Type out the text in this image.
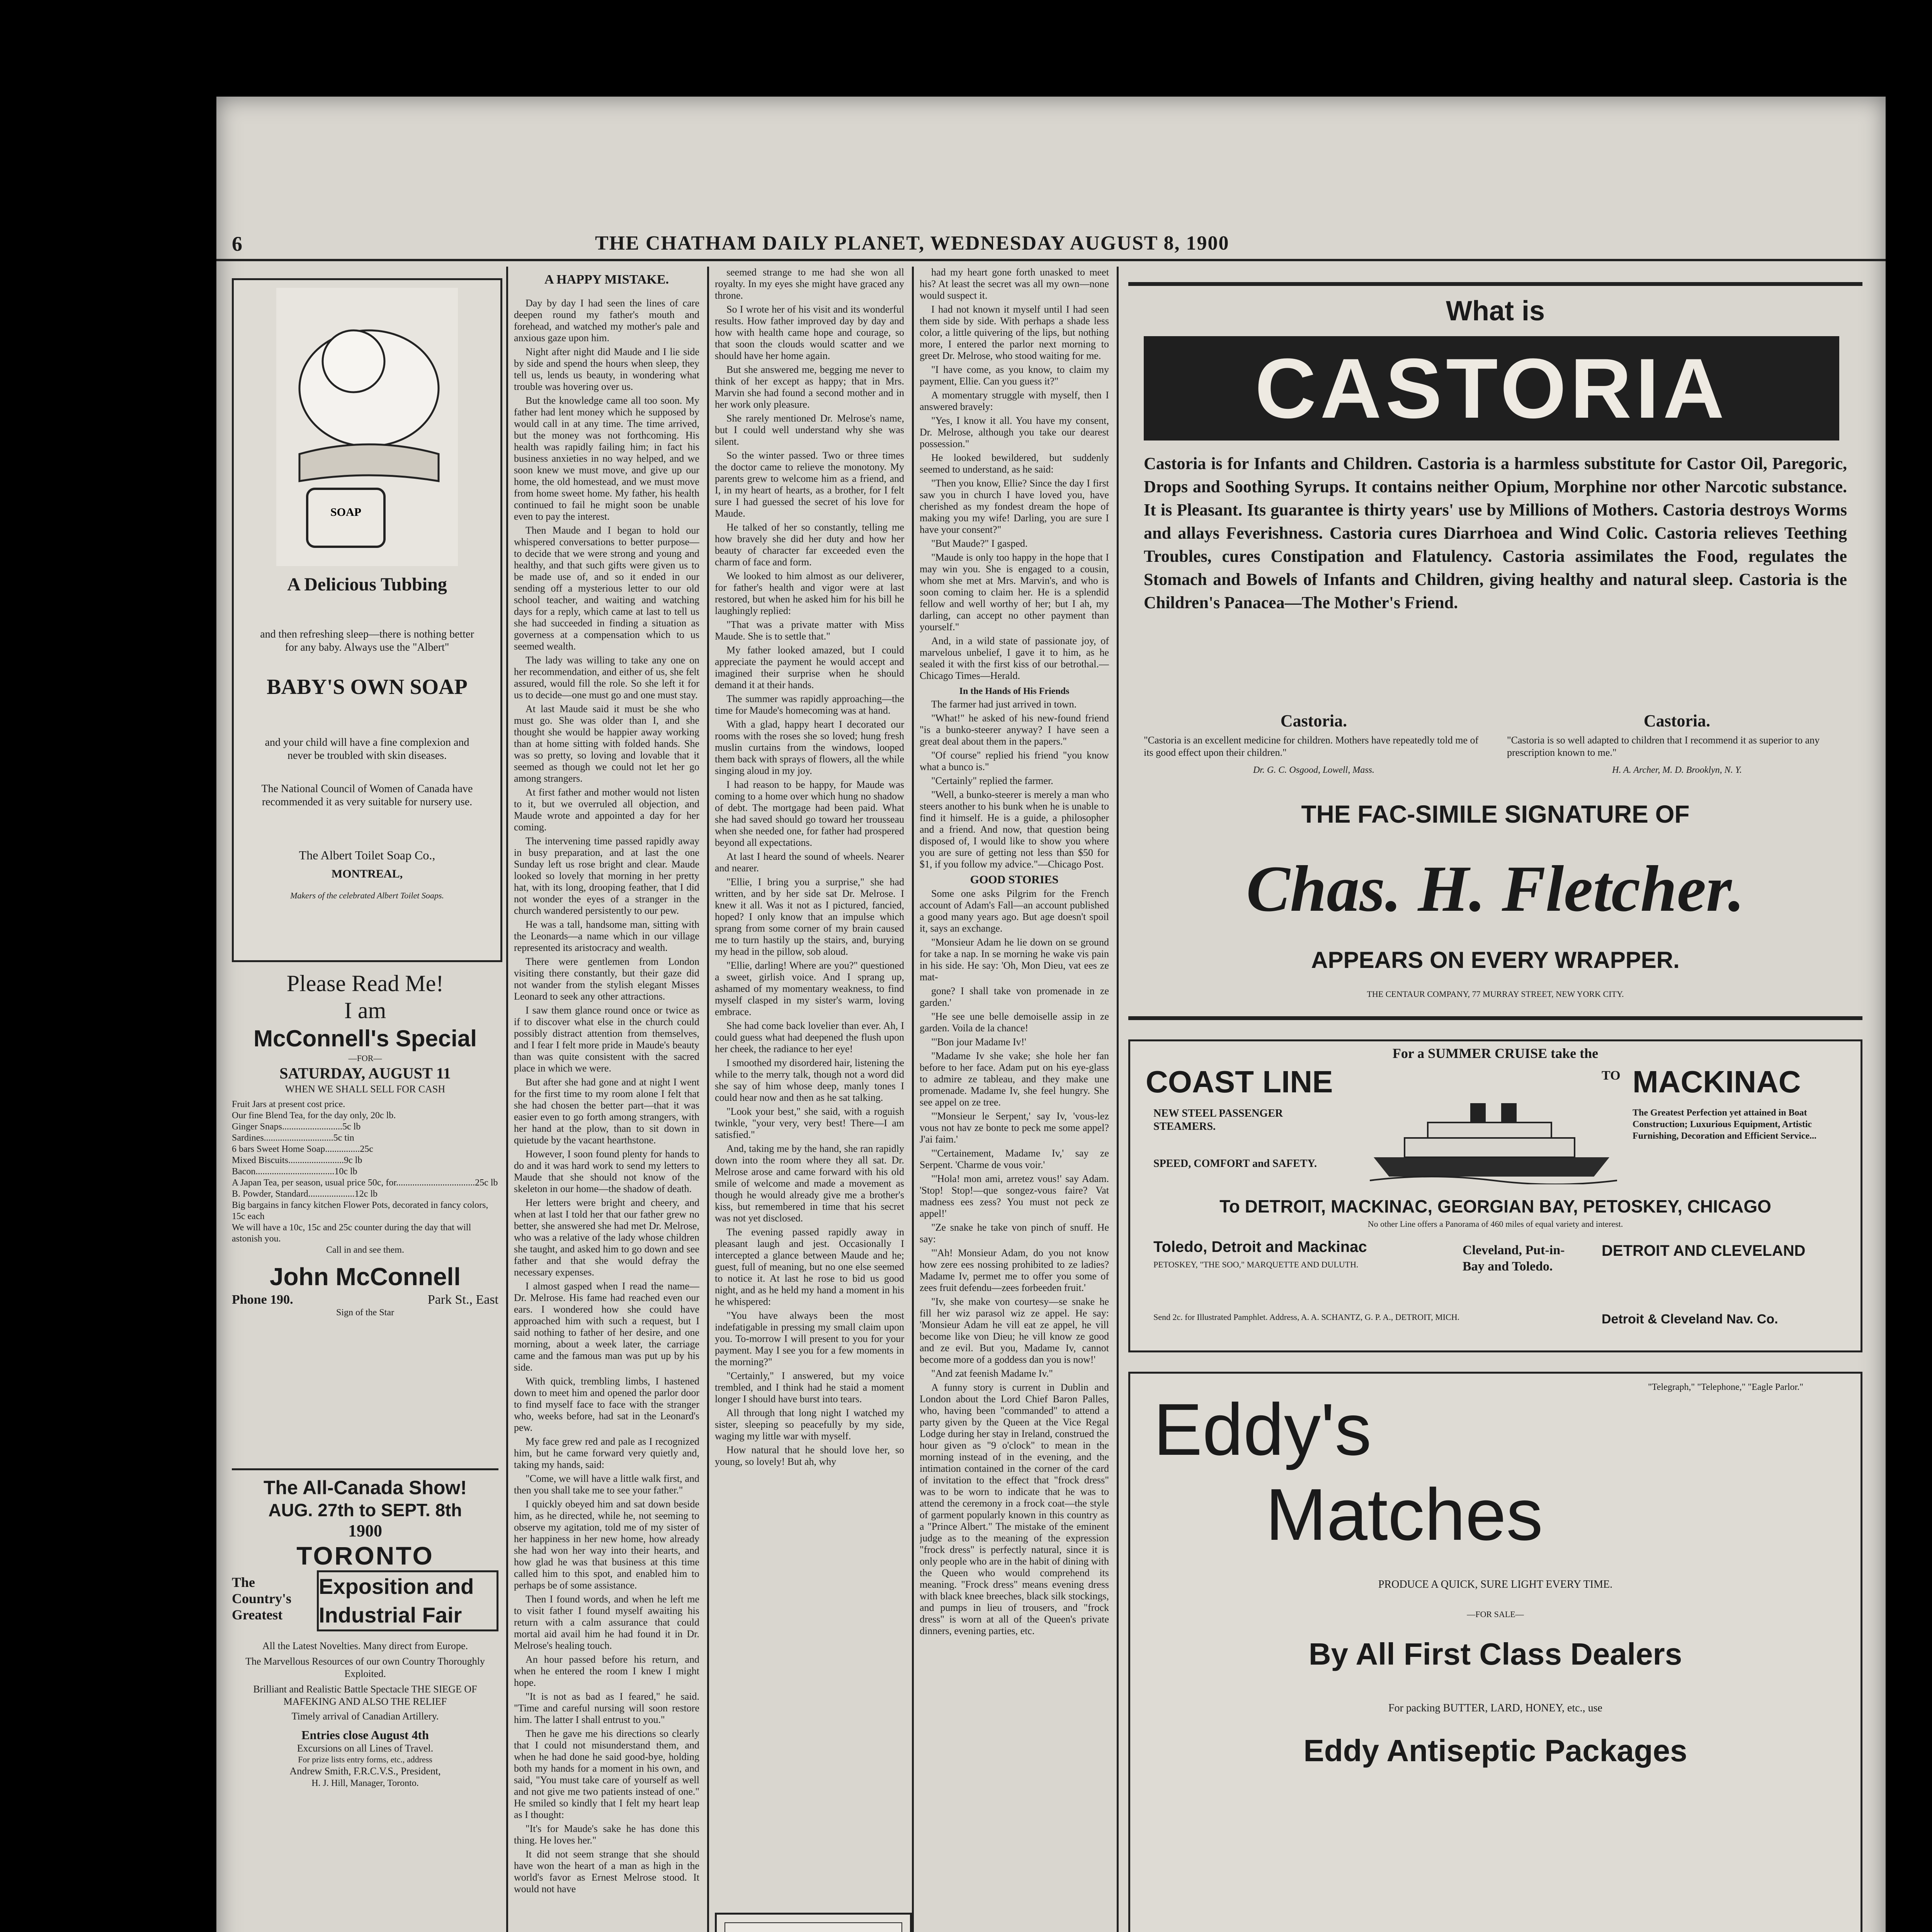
6	THE CHATHAM DAILY PLANET, WEDNESDAY AUGUST 8, 1900
SOAP
A Delicious Tubbing
and then refreshing sleep—there is nothing better for any baby. Always use the "Albert"
BABY'S OWN SOAP
and your child will have a fine complexion and never be troubled with skin diseases.
The National Council of Women of Canada have recommended it as very suitable for nursery use.
The Albert Toilet Soap Co.,
MONTREAL,
Makers of the celebrated Albert Toilet Soaps.
Please Read Me!
I am
McConnell's Special
—FOR—
SATURDAY, AUGUST 11
WHEN WE SHALL SELL FOR CASH
Fruit Jars at present cost price.
Our fine Blend Tea, for the day only, 20c lb.
Ginger Snaps..........................5c lb
Sardines..............................5c tin
6 bars Sweet Home Soap...............25c
Mixed Biscuits........................9c lb
Bacon..................................10c lb
A Japan Tea, per season, usual price 50c, for..................................25c lb
B. Powder, Standard....................12c lb
Big bargains in fancy kitchen Flower Pots, decorated in fancy colors, 15c each
We will have a 10c, 15c and 25c counter during the day that will astonish you.
Call in and see them.
John McConnell
Phone 190.	Park St., East
Sign of the Star
The All-Canada Show!
AUG. 27th to SEPT. 8th
1900
TORONTO
The Country's Greatest
Exposition and Industrial Fair
All the Latest Novelties. Many direct from Europe.
The Marvellous Resources of our own Country Thoroughly Exploited.
Brilliant and Realistic Battle Spectacle THE SIEGE OF MAFEKING AND ALSO THE RELIEF
Timely arrival of Canadian Artillery.
Entries close August 4th
Excursions on all Lines of Travel.
For prize lists entry forms, etc., address
Andrew Smith, F.R.C.V.S., President,
H. J. Hill, Manager, Toronto.
A HAPPY MISTAKE.

Day by day I had seen the lines of care deepen round my father's mouth and forehead, and watched my mother's pale and anxious gaze upon him.

Night after night did Maude and I lie side by side and spend the hours when sleep, they tell us, lends us beauty, in wondering what trouble was hovering over us.

But the knowledge came all too soon. My father had lent money which he supposed by would call in at any time. The time arrived, but the money was not forthcoming. His health was rapidly failing him; in fact his business anxieties in no way helped, and we soon knew we must move, and give up our home, the old homestead, and we must move from home sweet home. My father, his health continued to fail he might soon be unable even to pay the interest.

Then Maude and I began to hold our whispered conversations to better purpose—to decide that we were strong and young and healthy, and that such gifts were given us to be made use of, and so it ended in our sending off a mysterious letter to our old school teacher, and waiting and watching days for a reply, which came at last to tell us she had succeeded in finding a situation as governess at a compensation which to us seemed wealth.

The lady was willing to take any one on her recommendation, and either of us, she felt assured, would fill the role. So she left it for us to decide—one must go and one must stay.

At last Maude said it must be she who must go. She was older than I, and she thought she would be happier away working than at home sitting with folded hands. She was so pretty, so loving and lovable that it seemed as though we could not let her go among strangers.

At first father and mother would not listen to it, but we overruled all objection, and Maude wrote and appointed a day for her coming.

The intervening time passed rapidly away in busy preparation, and at last the one Sunday left us rose bright and clear. Maude looked so lovely that morning in her pretty hat, with its long, drooping feather, that I did not wonder the eyes of a stranger in the church wandered persistently to our pew.

He was a tall, handsome man, sitting with the Leonards—a name which in our village represented its aristocracy and wealth.

There were gentlemen from London visiting there constantly, but their gaze did not wander from the stylish elegant Misses Leonard to seek any other attractions.

I saw them glance round once or twice as if to discover what else in the church could possibly distract attention from themselves, and I fear I felt more pride in Maude's beauty than was quite consistent with the sacred place in which we were.

But after she had gone and at night I went for the first time to my room alone I felt that she had chosen the better part—that it was easier even to go forth among strangers, with her hand at the plow, than to sit down in quietude by the vacant hearthstone.

However, I soon found plenty for hands to do and it was hard work to send my letters to Maude that she should not know of the skeleton in our home—the shadow of death.

Her letters were bright and cheery, and when at last I told her that our father grew no better, she answered she had met Dr. Melrose, who was a relative of the lady whose children she taught, and asked him to go down and see father and that she would defray the necessary expenses.

I almost gasped when I read the name—Dr. Melrose. His fame had reached even our ears. I wondered how she could have approached him with such a request, but I said nothing to father of her desire, and one morning, about a week later, the carriage came and the famous man was put up by his side.

With quick, trembling limbs, I hastened down to meet him and opened the parlor door to find myself face to face with the stranger who, weeks before, had sat in the Leonard's pew.

My face grew red and pale as I recognized him, but he came forward very quietly and, taking my hands, said:

"Come, we will have a little walk first, and then you shall take me to see your father."

I quickly obeyed him and sat down beside him, as he directed, while he, not seeming to observe my agitation, told me of my sister of her happiness in her new home, how already she had won her way into their hearts, and how glad he was that business at this time called him to this spot, and enabled him to perhaps be of some assistance.

Then I found words, and when he left me to visit father I found myself awaiting his return with a calm assurance that could mortal aid avail him he had found it in Dr. Melrose's healing touch.

An hour passed before his return, and when he entered the room I knew I might hope.

"It is not as bad as I feared," he said. "Time and careful nursing will soon restore him. The latter I shall entrust to you."

Then he gave me his directions so clearly that I could not misunderstand them, and when he had done he said good-bye, holding both my hands for a moment in his own, and said, "You must take care of yourself as well and not give me two patients instead of one." He smiled so kindly that I felt my heart leap as I thought:

"It's for Maude's sake he has done this thing. He loves her."

It did not seem strange that she should have won the heart of a man as high in the world's favor as Ernest Melrose stood. It would not have

seemed strange to me had she won all royalty. In my eyes she might have graced any throne.

So I wrote her of his visit and its wonderful results. How father improved day by day and how with health came hope and courage, so that soon the clouds would scatter and we should have her home again.

But she answered me, begging me never to think of her except as happy; that in Mrs. Marvin she had found a second mother and in her work only pleasure.

She rarely mentioned Dr. Melrose's name, but I could well understand why she was silent.

So the winter passed. Two or three times the doctor came to relieve the monotony. My parents grew to welcome him as a friend, and I, in my heart of hearts, as a brother, for I felt sure I had guessed the secret of his love for Maude.

He talked of her so constantly, telling me how bravely she did her duty and how her beauty of character far exceeded even the charm of face and form.

We looked to him almost as our deliverer, for father's health and vigor were at last restored, but when he asked him for his bill he laughingly replied:

"That was a private matter with Miss Maude. She is to settle that."

My father looked amazed, but I could appreciate the payment he would accept and imagined their surprise when he should demand it at their hands.

The summer was rapidly approaching—the time for Maude's homecoming was at hand.

With a glad, happy heart I decorated our rooms with the roses she so loved; hung fresh muslin curtains from the windows, looped them back with sprays of flowers, all the while singing aloud in my joy.

I had reason to be happy, for Maude was coming to a home over which hung no shadow of debt. The mortgage had been paid. What she had saved should go toward her trousseau when she needed one, for father had prospered beyond all expectations.

At last I heard the sound of wheels. Nearer and nearer.

"Ellie, I bring you a surprise," she had written, and by her side sat Dr. Melrose. I knew it all. Was it not as I pictured, fancied, hoped? I only know that an impulse which sprang from some corner of my brain caused me to turn hastily up the stairs, and, burying my head in the pillow, sob aloud.

"Ellie, darling! Where are you?" questioned a sweet, girlish voice. And I sprang up, ashamed of my momentary weakness, to find myself clasped in my sister's warm, loving embrace.

She had come back lovelier than ever. Ah, I could guess what had deepened the flush upon her cheek, the radiance to her eye!

I smoothed my disordered hair, listening the while to the merry talk, though not a word did she say of him whose deep, manly tones I could hear now and then as he sat talking.

"Look your best," she said, with a roguish twinkle, "your very, very best! There—I am satisfied."

And, taking me by the hand, she ran rapidly down into the room where they all sat. Dr. Melrose arose and came forward with his old smile of welcome and made a movement as though he would already give me a brother's kiss, but remembered in time that his secret was not yet disclosed.

The evening passed rapidly away in pleasant laugh and jest. Occasionally I intercepted a glance between Maude and he; guest, full of meaning, but no one else seemed to notice it. At last he rose to bid us good night, and as he held my hand a moment in his he whispered:

"You have always been the most indefatigable in pressing my small claim upon you. To-morrow I will present to you for your payment. May I see you for a few moments in the morning?"

"Certainly," I answered, but my voice trembled, and I think had he staid a moment longer I should have burst into tears.

All through that long night I watched my sister, sleeping so peacefully by my side, waging my little war with myself.

How natural that he should love her, so young, so lovely! But ah, why

had my heart gone forth unasked to meet his? At least the secret was all my own—none would suspect it.

I had not known it myself until I had seen them side by side. With perhaps a shade less color, a little quivering of the lips, but nothing more, I entered the parlor next morning to greet Dr. Melrose, who stood waiting for me.

"I have come, as you know, to claim my payment, Ellie. Can you guess it?"

A momentary struggle with myself, then I answered bravely:

"Yes, I know it all. You have my consent, Dr. Melrose, although you take our dearest possession."

He looked bewildered, but suddenly seemed to understand, as he said:

"Then you know, Ellie? Since the day I first saw you in church I have loved you, have cherished as my fondest dream the hope of making you my wife! Darling, you are sure I have your consent?"

"But Maude?" I gasped.

"Maude is only too happy in the hope that I may win you. She is engaged to a cousin, whom she met at Mrs. Marvin's, and who is soon coming to claim her. He is a splendid fellow and well worthy of her; but I ah, my darling, can accept no other payment than yourself."

And, in a wild state of passionate joy, of marvelous unbelief, I gave it to him, as he sealed it with the first kiss of our betrothal.—Chicago Times—Herald.

In the Hands of His Friends

The farmer had just arrived in town.

"What!" he asked of his new-found friend "is a bunko-steerer anyway? I have seen a great deal about them in the papers."

"Of course" replied his friend "you know what a bunco is."

"Certainly" replied the farmer.

"Well, a bunko-steerer is merely a man who steers another to his bunk when he is unable to find it himself. He is a guide, a philosopher and a friend. And now, that question being disposed of, I would like to show you where you are sure of getting not less than $50 for $1, if you follow my advice."—Chicago Post.

GOOD STORIES

Some one asks Pilgrim for the French account of Adam's Fall—an account published a good many years ago. But age doesn't spoil it, says an exchange.

"Monsieur Adam he lie down on se ground for take a nap. In se morning he wake vis pain in his side. He say: 'Oh, Mon Dieu, vat ees ze mat-

gone? I shall take von promenade in ze garden.'

"He see une belle demoiselle assip in ze garden. Voila de la chance!

"'Bon jour Madame Iv!'

"Madame Iv she vake; she hole her fan before to her face. Adam put on his eye-glass to admire ze tableau, and they make une promenade. Madame Iv, she feel hungry. She see appel on ze tree.

"'Monsieur le Serpent,' say Iv, 'vous-lez vous not hav ze bonte to peck me some appel? J'ai faim.'

"'Certainement, Madame Iv,' say ze Serpent. 'Charme de vous voir.'

"'Hola! mon ami, arretez vous!' say Adam. 'Stop! Stop!—que songez-vous faire? Vat madness ees zess? You must not peck ze appel!'

"Ze snake he take von pinch of snuff. He say:

"'Ah! Monsieur Adam, do you not know how zere ees nossing prohibited to ze ladies? Madame Iv, permet me to offer you some of zees fruit defendu—zees forbeeden fruit.'

"Iv, she make von courtesy—se snake he fill her wiz parasol wiz ze appel. He say: 'Monsieur Adam he vill eat ze appel, he vill become like von Dieu; he vill know ze good and ze evil. But you, Madame Iv, cannot become more of a goddess dan you is now!'

"And zat feenish Madame Iv."

A funny story is current in Dublin and London about the Lord Chief Baron Palles, who, having been "commanded" to attend a party given by the Queen at the Vice Regal Lodge during her stay in Ireland, construed the hour given as "9 o'clock" to mean in the morning instead of in the evening, and the intimation contained in the corner of the card of invitation to the effect that "frock dress" was to be worn to indicate that he was to attend the ceremony in a frock coat—the style of garment popularly known in this country as a "Prince Albert." The mistake of the eminent judge as to the meaning of the expression "frock dress" is perfectly natural, since it is only people who are in the habit of dining with the Queen who would comprehend its meaning. "Frock dress" means evening dress with black knee breeches, black silk stockings, and pumps in lieu of trousers, and "frock dress" is worn at all of the Queen's private dinners, evening parties, etc.

What is
CASTORIA
Castoria is for Infants and Children. Castoria is a harmless substitute for Castor Oil, Paregoric, Drops and Soothing Syrups. It contains neither Opium, Morphine nor other Narcotic substance. It is Pleasant. Its guarantee is thirty years' use by Millions of Mothers. Castoria destroys Worms and allays Feverishness. Castoria cures Diarrhoea and Wind Colic. Castoria relieves Teething Troubles, cures Constipation and Flatulency. Castoria assimilates the Food, regulates the Stomach and Bowels of Infants and Children, giving healthy and natural sleep. Castoria is the Children's Panacea—The Mother's Friend.
Castoria.
"Castoria is an excellent medicine for children. Mothers have repeatedly told me of its good effect upon their children."
Dr. G. C. Osgood, Lowell, Mass.
Castoria.
"Castoria is so well adapted to children that I recommend it as superior to any prescription known to me."
H. A. Archer, M. D. Brooklyn, N. Y.
THE FAC-SIMILE SIGNATURE OF
Chas. H. Fletcher.
APPEARS ON EVERY WRAPPER.
THE CENTAUR COMPANY, 77 MURRAY STREET, NEW YORK CITY.
For a SUMMER CRUISE take the
COAST LINE	TO MACKINAC
NEW STEEL PASSENGER STEAMERS.
SPEED, COMFORT and SAFETY.
The Greatest Perfection yet attained in Boat Construction; Luxurious Equipment, Artistic Furnishing, Decoration and Efficient Service...
To DETROIT, MACKINAC, GEORGIAN BAY, PETOSKEY, CHICAGO
No other Line offers a Panorama of 460 miles of equal variety and interest.
Toledo, Detroit and Mackinac
PETOSKEY, "THE SOO," MARQUETTE AND DULUTH.
Cleveland, Put-in-Bay and Toledo.
DETROIT AND CLEVELAND
Send 2c. for Illustrated Pamphlet. Address, A. A. SCHANTZ, G. P. A., DETROIT, MICH.	Detroit & Cleveland Nav. Co.
"Telegraph," "Telephone," "Eagle Parlor."
Eddy's
Matches
PRODUCE A QUICK, SURE LIGHT EVERY TIME.
—FOR SALE—
By All First Class Dealers
For packing BUTTER, LARD, HONEY, etc., use
Eddy Antiseptic Packages
